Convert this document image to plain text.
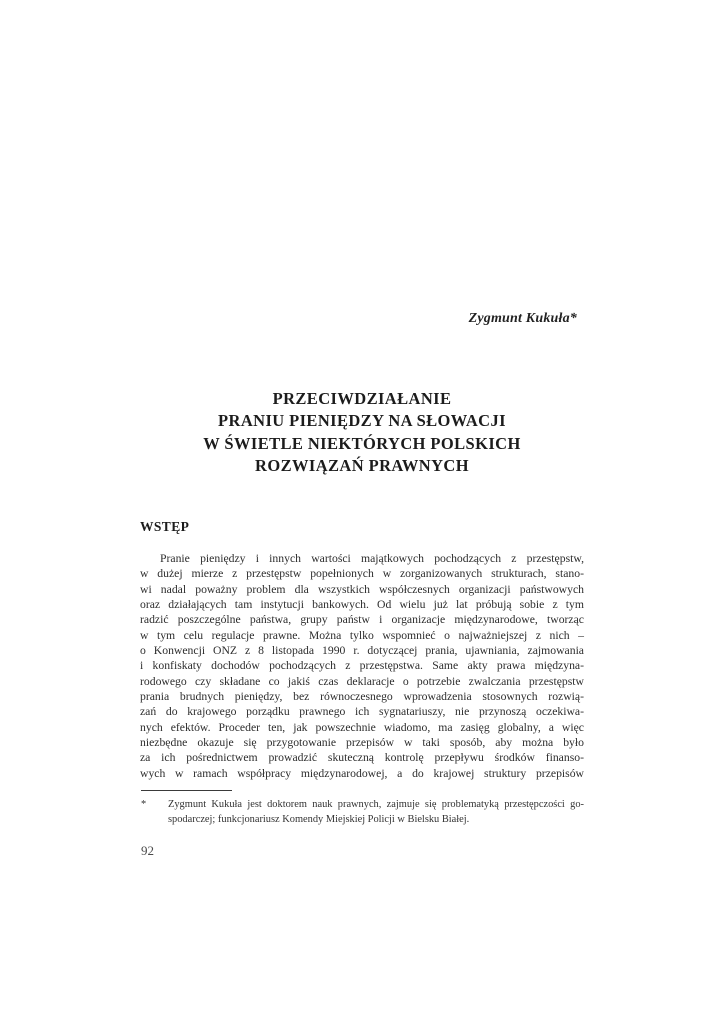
Zygmunt Kukuła*
PRZECIWDZIAŁANIE
PRANIU PIENIĘDZY NA SŁOWACJI
W ŚWIETLE NIEKTÓRYCH POLSKICH
ROZWIĄZAŃ PRAWNYCH
WSTĘP
Pranie pieniędzy i innych wartości majątkowych pochodzących z przestępstw,
w dużej mierze z przestępstw popełnionych w zorganizowanych strukturach, stano-
wi nadal poważny problem dla wszystkich współczesnych organizacji państwowych
oraz działających tam instytucji bankowych. Od wielu już lat próbują sobie z tym
radzić poszczególne państwa, grupy państw i organizacje międzynarodowe, tworząc
w tym celu regulacje prawne. Można tylko wspomnieć o najważniejszej z nich –
o Konwencji ONZ z 8 listopada 1990 r. dotyczącej prania, ujawniania, zajmowania
i konfiskaty dochodów pochodzących z przestępstwa. Same akty prawa międzyna-
rodowego czy składane co jakiś czas deklaracje o potrzebie zwalczania przestępstw
prania brudnych pieniędzy, bez równoczesnego wprowadzenia stosownych rozwią-
zań do krajowego porządku prawnego ich sygnatariuszy, nie przynoszą oczekiwa-
nych efektów. Proceder ten, jak powszechnie wiadomo, ma zasięg globalny, a więc
niezbędne okazuje się przygotowanie przepisów w taki sposób, aby można było
za ich pośrednictwem prowadzić skuteczną kontrolę przepływu środków finanso-
wych w ramach współpracy międzynarodowej, a do krajowej struktury przepisów
*	Zygmunt Kukuła jest doktorem nauk prawnych, zajmuje się problematyką przestępczości go-
spodarczej; funkcjonariusz Komendy Miejskiej Policji w Bielsku Białej.
92
